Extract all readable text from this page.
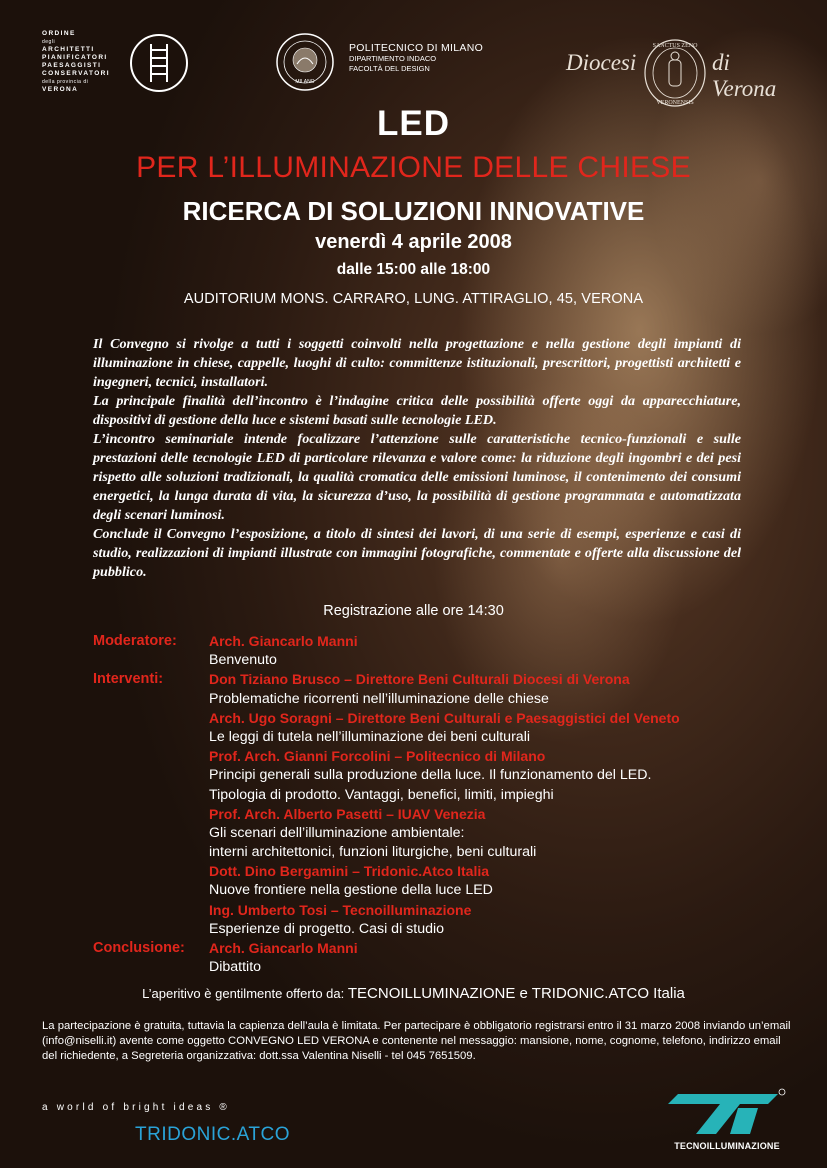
ORDINE
degli
ARCHITETTI
PIANIFICATORI
PAESAGGISTI
CONSERVATORI
della provincia di
VERONA
MILANO
POLITECNICO DI MILANO
DIPARTIMENTO INDACO
FACOLTÀ DEL DESIGN	Diocesi
SANCTUS ZENO
VERONENSIS
di Verona
LED
PER L’ILLUMINAZIONE DELLE CHIESE
RICERCA DI SOLUZIONI INNOVATIVE
venerdì 4 aprile 2008
dalle 15:00 alle 18:00
AUDITORIUM MONS. CARRARO, LUNG. ATTIRAGLIO, 45, VERONA

Il Convegno si rivolge a tutti i soggetti coinvolti nella progettazione e nella gestione degli impianti di illuminazione in chiese, cappelle, luoghi di culto: committenze istituzionali, prescrittori, progettisti architetti e ingegneri, tecnici, installatori.

La principale finalità dell’incontro è l’indagine critica delle possibilità offerte oggi da apparecchiature, dispositivi di gestione della luce e sistemi basati sulle tecnologie LED.

L’incontro seminariale intende focalizzare l’attenzione sulle caratteristiche tecnico-funzionali e sulle prestazioni delle tecnologie LED di particolare rilevanza e valore come: la riduzione degli ingombri e dei pesi rispetto alle soluzioni tradizionali, la qualità cromatica delle emissioni luminose, il contenimento dei consumi energetici, la lunga durata di vita, la sicurezza d’uso, la possibilità di gestione programmata e automatizzata degli scenari luminosi.

Conclude il Convegno l’esposizione, a titolo di sintesi dei lavori, di una serie di esempi, esperienze e casi di studio, realizzazioni di impianti illustrate con immagini fotografiche, commentate e offerte alla discussione del pubblico.

Registrazione alle ore 14:30
Moderatore: Arch. Giancarlo Manni
Benvenuto
Interventi:	Don Tiziano Brusco – Direttore Beni Culturali Diocesi di Verona
Problematiche ricorrenti nell’illuminazione delle chiese
Arch. Ugo Soragni – Direttore Beni Culturali e Paesaggistici del Veneto
Le leggi di tutela nell’illuminazione dei beni culturali
Prof. Arch. Gianni Forcolini – Politecnico di Milano
Principi generali sulla produzione della luce. Il funzionamento del LED.
Tipologia di prodotto. Vantaggi, benefici, limiti, impieghi
Prof. Arch. Alberto Pasetti – IUAV Venezia
Gli scenari dell’illuminazione ambientale:
interni architettonici, funzioni liturgiche, beni culturali
Dott. Dino Bergamini – Tridonic.Atco Italia
Nuove frontiere nella gestione della luce LED
Ing. Umberto Tosi – Tecnoilluminazione
Esperienze di progetto. Casi di studio
Conclusione: Arch. Giancarlo Manni
Dibattito
L’aperitivo è gentilmente offerto da: TECNOILLUMINAZIONE e TRIDONIC.ATCO Italia
La partecipazione è gratuita, tuttavia la capienza dell’aula è limitata. Per partecipare è obbligatorio registrarsi entro il 31 marzo 2008 inviando un’email (info@niselli.it) avente come oggetto CONVEGNO LED VERONA e contenente nel messaggio: mansione, nome, cognome, telefono, indirizzo email del richiedente, a Segreteria organizzativa: dott.ssa Valentina Niselli - tel 045 7651509.
a world of bright ideas ®
TRIDONIC.ATCO
TECNOILLUMINAZIONE
